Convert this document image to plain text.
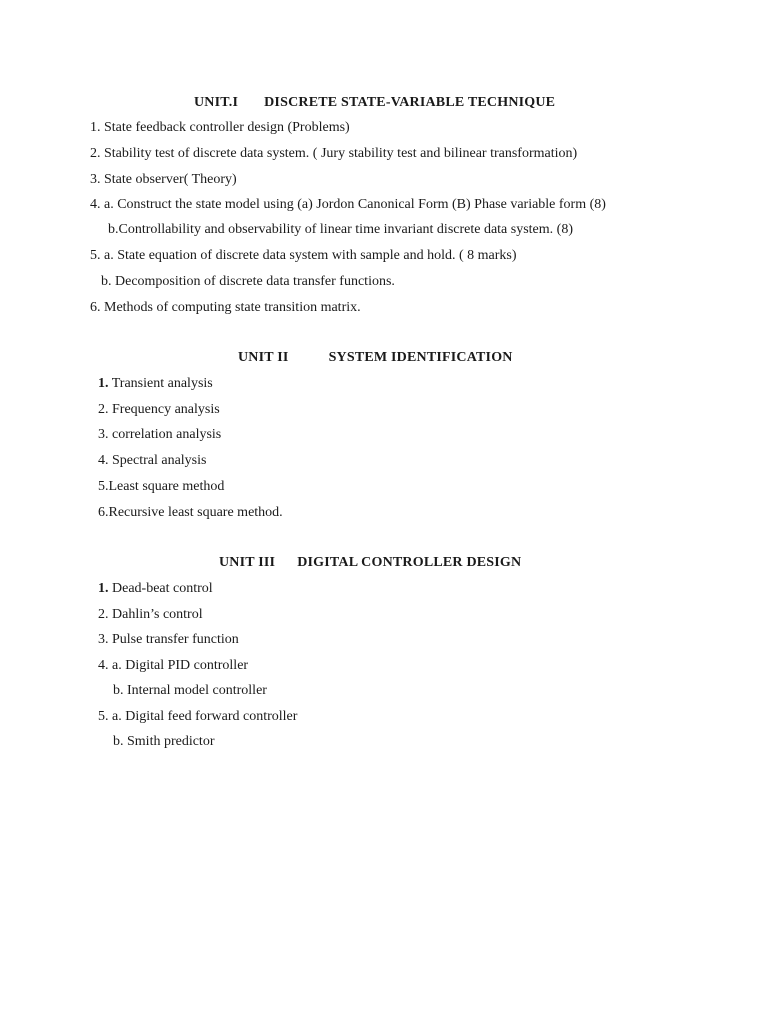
UNIT.I DISCRETE STATE-VARIABLE TECHNIQUE
1. State feedback controller design (Problems)
2. Stability test of discrete data system. ( Jury stability test and bilinear transformation)
3. State observer( Theory)
4. a. Construct the state model using (a) Jordon Canonical Form (B) Phase variable form (8)
b.Controllability and observability of linear time invariant discrete data system. (8)
5. a. State equation of discrete data system with sample and hold. ( 8 marks)
b. Decomposition of discrete data transfer functions.
6. Methods of computing state transition matrix.
UNIT II	SYSTEM IDENTIFICATION
1. Transient analysis
2. Frequency analysis
3. correlation analysis
4. Spectral analysis
5.Least square method
6.Recursive least square method.
UNIT III DIGITAL CONTROLLER DESIGN
1. Dead-beat control
2. Dahlin’s control
3. Pulse transfer function
4. a. Digital PID controller
b. Internal model controller
5. a. Digital feed forward controller
b. Smith predictor
